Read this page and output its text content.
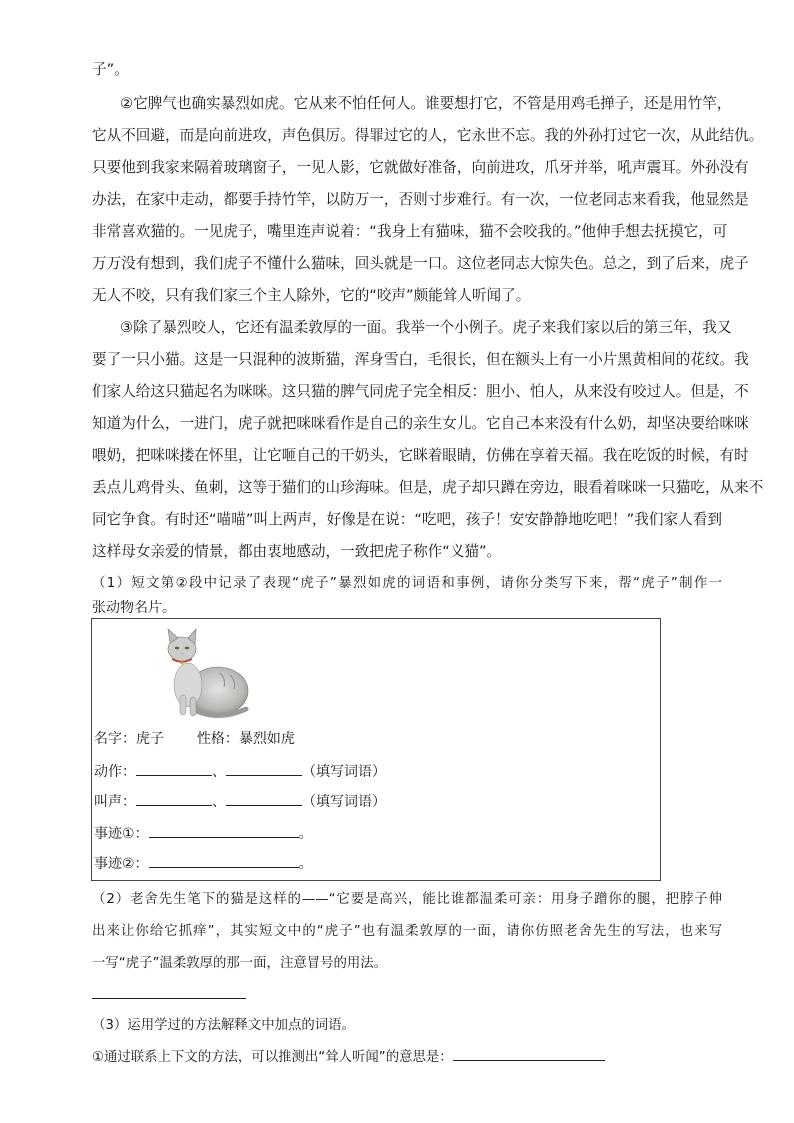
子”。
②它脾气也确实暴烈如虎。它从来不怕任何人。谁要想打它，不管是用鸡毛掸子，还是用竹竿，
它从不回避，而是向前进攻，声色俱厉。得罪过它的人，它永世不忘。我的外孙打过它一次，从此结仇。
只要他到我家来隔着玻璃窗子，一见人影，它就做好准备，向前进攻，爪牙并举，吼声震耳。外孙没有
办法，在家中走动，都要手持竹竿，以防万一，否则寸步难行。有一次，一位老同志来看我，他显然是
非常喜欢猫的。一见虎子，嘴里连声说着：“我身上有猫味，猫不会咬我的。”他伸手想去抚摸它，可
万万没有想到，我们虎子不懂什么猫味，回头就是一口。这位老同志大惊失色。总之，到了后来，虎子
无人不咬，只有我们家三个主人除外，它的“咬声”颇能耸人听闻了。
③除了暴烈咬人，它还有温柔敦厚的一面。我举一个小例子。虎子来我们家以后的第三年，我又
要了一只小猫。这是一只混种的波斯猫，浑身雪白，毛很长，但在额头上有一小片黑黄相间的花纹。我
们家人给这只猫起名为咪咪。这只猫的脾气同虎子完全相反：胆小、怕人，从来没有咬过人。但是，不
知道为什么，一进门，虎子就把咪咪看作是自己的亲生女儿。它自己本来没有什么奶，却坚决要给咪咪
喂奶，把咪咪搂在怀里，让它咂自己的干奶头，它眯着眼睛，仿佛在享着天福。我在吃饭的时候，有时
丢点儿鸡骨头、鱼刺，这等于猫们的山珍海味。但是，虎子却只蹲在旁边，眼看着咪咪一只猫吃，从来不
同它争食。有时还“喵喵”叫上两声，好像是在说：“吃吧，孩子！安安静静地吃吧！”我们家人看到
这样母女亲爱的情景，都由衷地感动，一致把虎子称作“义猫”。
（1）短文第②段中记录了表现“虎子”暴烈如虎的词语和事例，请你分类写下来，帮“虎子”制作一
张动物名片。
名字：虎子 性格：暴烈如虎
动作：	、	（填写词语）
叫声：	、	（填写词语）
事迹①：	。
事迹②：	。
（2）老舍先生笔下的猫是这样的——“它要是高兴，能比谁都温柔可亲：用身子蹭你的腿，把脖子伸
出来让你给它抓痒”，其实短文中的“虎子”也有温柔敦厚的一面，请你仿照老舍先生的写法，也来写
一写“虎子”温柔敦厚的那一面，注意冒号的用法。
（3）运用学过的方法解释文中加点的词语。
①通过联系上下文的方法，可以推测出“耸人听闻”的意思是：
